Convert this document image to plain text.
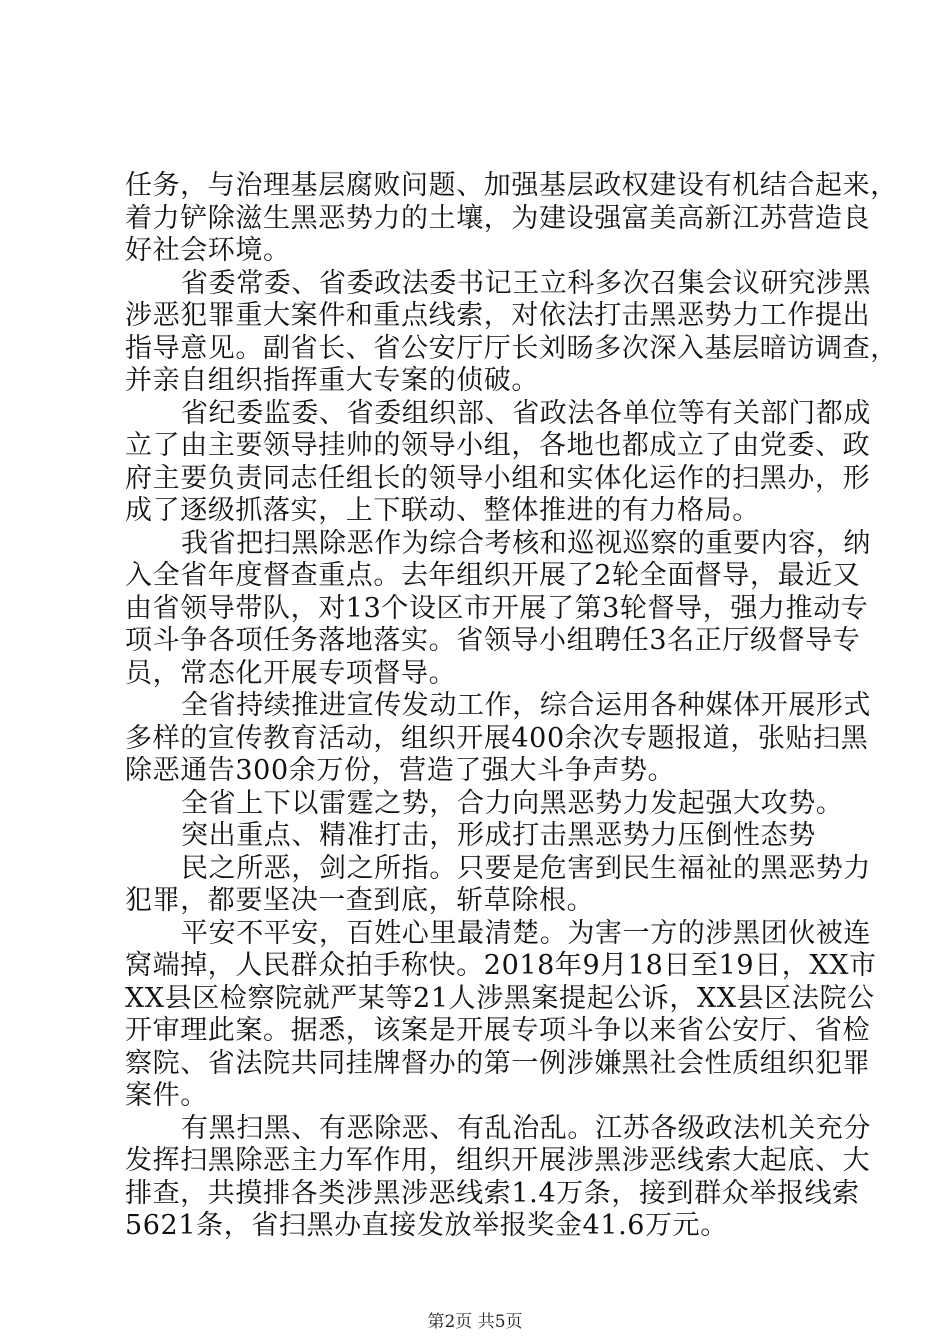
任务，与治理基层腐败问题、加强基层政权建设有机结合起来，
着力铲除滋生黑恶势力的土壤，为建设强富美高新江苏营造良
好社会环境。
省委常委、省委政法委书记王立科多次召集会议研究涉黑
涉恶犯罪重大案件和重点线索，对依法打击黑恶势力工作提出
指导意见。副省长、省公安厅厅长刘旸多次深入基层暗访调查，
并亲自组织指挥重大专案的侦破。
省纪委监委、省委组织部、省政法各单位等有关部门都成
立了由主要领导挂帅的领导小组，各地也都成立了由党委、政
府主要负责同志任组长的领导小组和实体化运作的扫黑办，形
成了逐级抓落实，上下联动、整体推进的有力格局。
我省把扫黑除恶作为综合考核和巡视巡察的重要内容，纳
入全省年度督查重点。去年组织开展了2轮全面督导，最近又
由省领导带队，对13个设区市开展了第3轮督导，强力推动专
项斗争各项任务落地落实。省领导小组聘任3名正厅级督导专
员，常态化开展专项督导。
全省持续推进宣传发动工作，综合运用各种媒体开展形式
多样的宣传教育活动，组织开展400余次专题报道，张贴扫黑
除恶通告300余万份，营造了强大斗争声势。
全省上下以雷霆之势，合力向黑恶势力发起强大攻势。
突出重点、精准打击，形成打击黑恶势力压倒性态势
民之所恶，剑之所指。只要是危害到民生福祉的黑恶势力
犯罪，都要坚决一查到底，斩草除根。
平安不平安，百姓心里最清楚。为害一方的涉黑团伙被连
窝端掉，人民群众拍手称快。2018年9月18日至19日，XX市
XX县区检察院就严某等21人涉黑案提起公诉，XX县区法院公
开审理此案。据悉，该案是开展专项斗争以来省公安厅、省检
察院、省法院共同挂牌督办的第一例涉嫌黑社会性质组织犯罪
案件。
有黑扫黑、有恶除恶、有乱治乱。江苏各级政法机关充分
发挥扫黑除恶主力军作用，组织开展涉黑涉恶线索大起底、大
排查，共摸排各类涉黑涉恶线索1.4万条，接到群众举报线索
5621条，省扫黑办直接发放举报奖金41.6万元。
第2页 共5页
